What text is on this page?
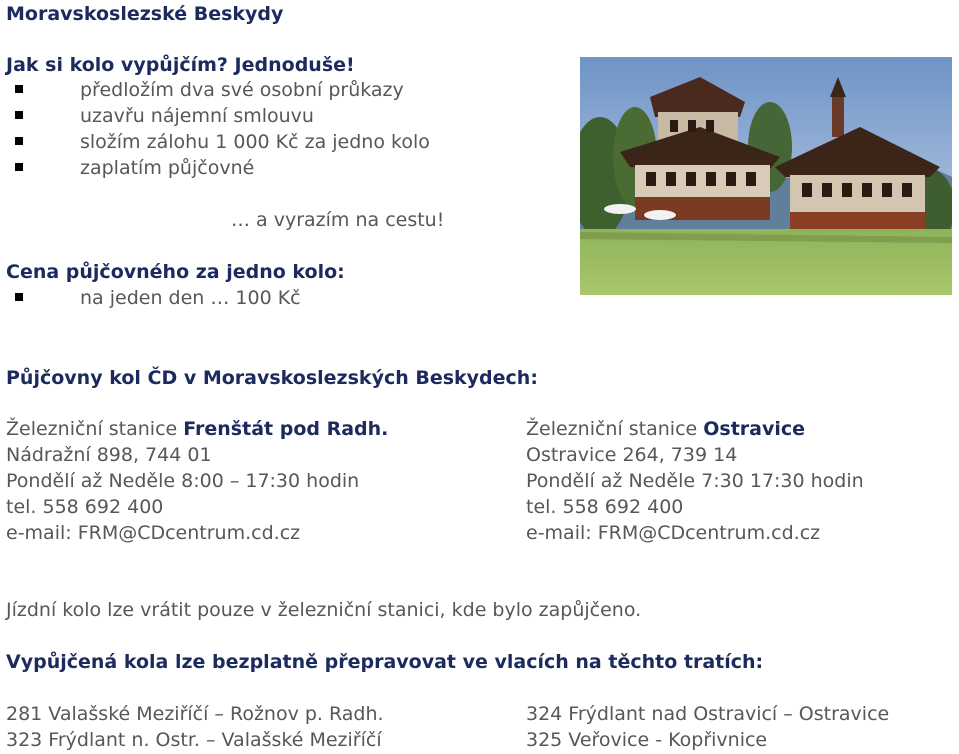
Moravskoslezské Beskydy

Jak si kolo vypůjčím? Jednoduše!

předložím dva své osobní průkazy

uzavřu nájemní smlouvu

složím zálohu 1 000 Kč za jedno kolo

zaplatím půjčovné

… a vyrazím na cestu!

Cena půjčovného za jedno kolo:

na jeden den … 100 Kč

Půjčovny kol ČD v Moravskoslezských Beskydech:

Železniční stanice Frenštát pod Radh.

Nádražní 898, 744 01

Pondělí až Neděle 8:00 – 17:30 hodin

tel. 558 692 400

e-mail: FRM@CDcentrum.cd.cz

Železniční stanice Ostravice

Ostravice 264, 739 14

Pondělí až Neděle 7:30 17:30 hodin

tel. 558 692 400

e-mail: FRM@CDcentrum.cd.cz

Jízdní kolo lze vrátit pouze v železniční stanici, kde bylo zapůjčeno.

Vypůjčená kola lze bezplatně přepravovat ve vlacích na těchto tratích:

281 Valašské Meziříčí – Rožnov p. Radh.	324 Frýdlant nad Ostravicí – Ostravice

323 Frýdlant n. Ostr. – Valašské Meziříčí	325 Veřovice - Kopřivnice
